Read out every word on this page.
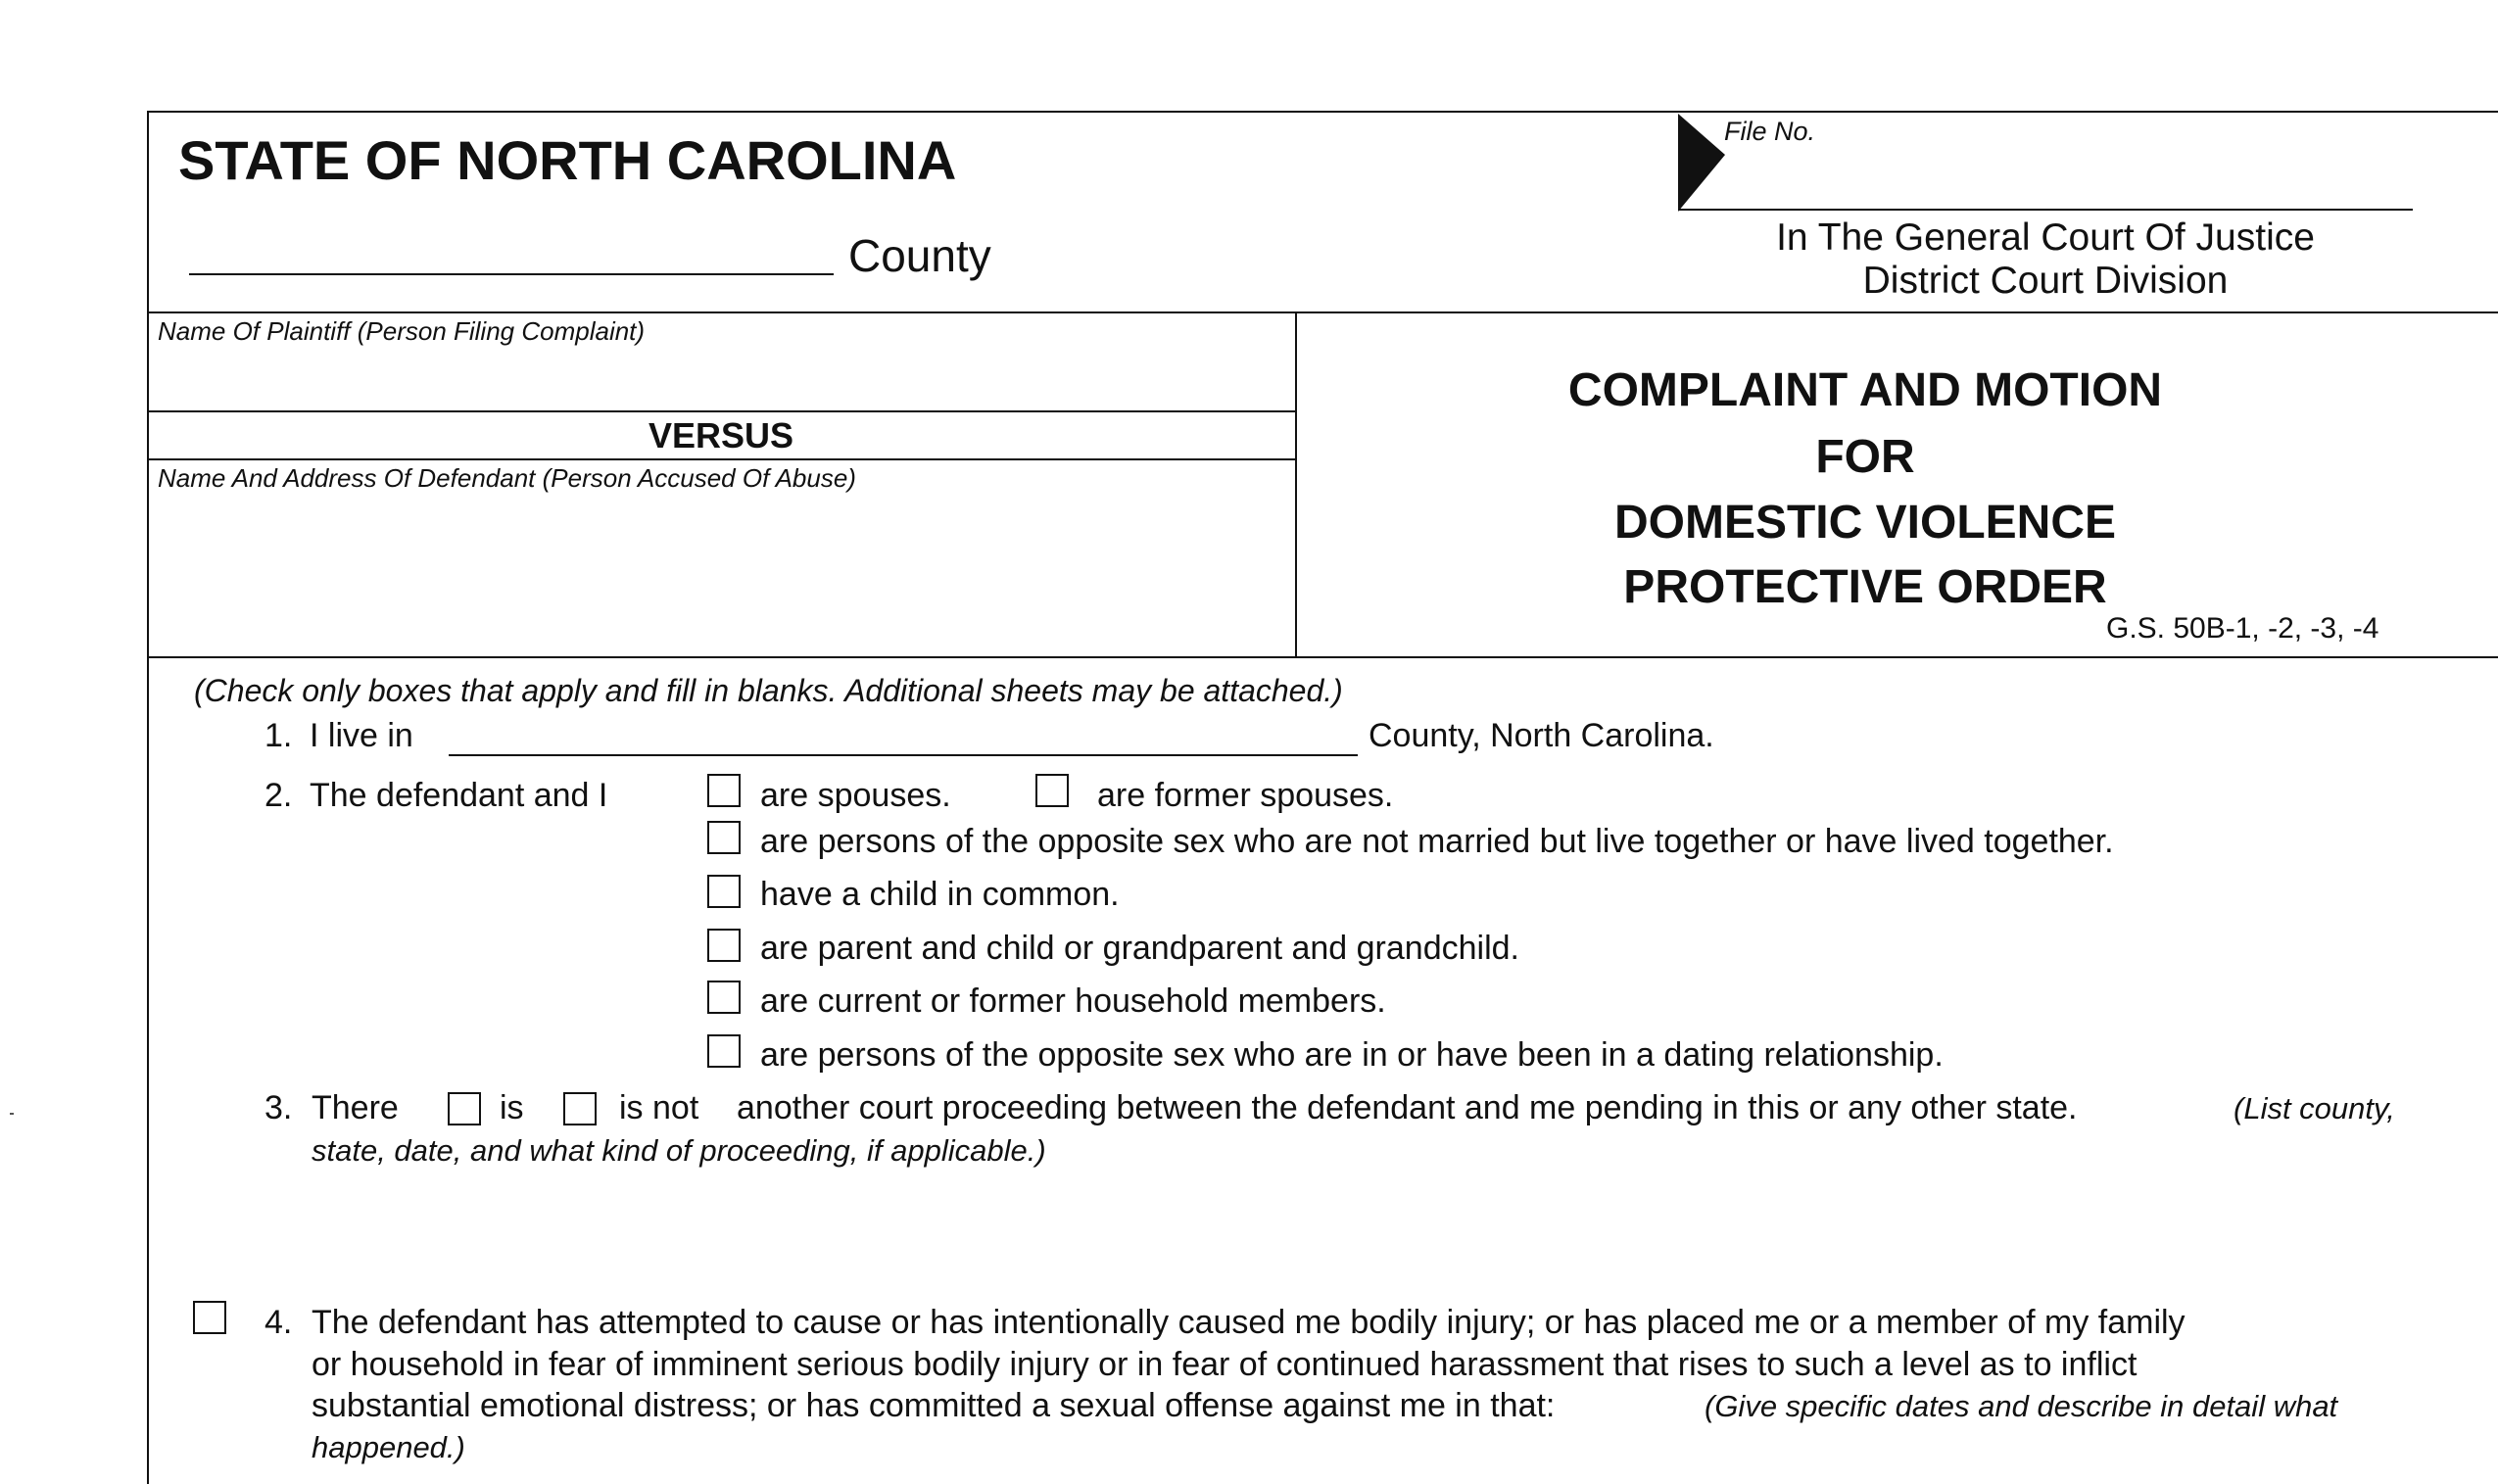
STATE OF NORTH CAROLINA
County
File No.
In The General Court Of Justice
District Court Division
Name Of Plaintiff (Person Filing Complaint)
VERSUS
Name And Address Of Defendant (Person Accused Of Abuse)
COMPLAINT AND MOTION
FOR
DOMESTIC VIOLENCE
PROTECTIVE ORDER
G.S. 50B-1, -2, -3, -4
(Check only boxes that apply and fill in blanks. Additional sheets may be attached.)
1. I live in	County, North Carolina.
2. The defendant and I	are spouses.	are former spouses.
are persons of the opposite sex who are not married but live together or have lived together.
have a child in common.
are parent and child or grandparent and grandchild.
are current or former household members.
are persons of the opposite sex who are in or have been in a dating relationship.
3. There	is	is not another court proceeding between the defendant and me pending in this or any other state.	(List county,
state, date, and what kind of proceeding, if applicable.)
4. The defendant has attempted to cause or has intentionally caused me bodily injury; or has placed me or a member of my family
or household in fear of imminent serious bodily injury or in fear of continued harassment that rises to such a level as to inflict
substantial emotional distress; or has committed a sexual offense against me in that:	(Give specific dates and describe in detail what
happened.)
